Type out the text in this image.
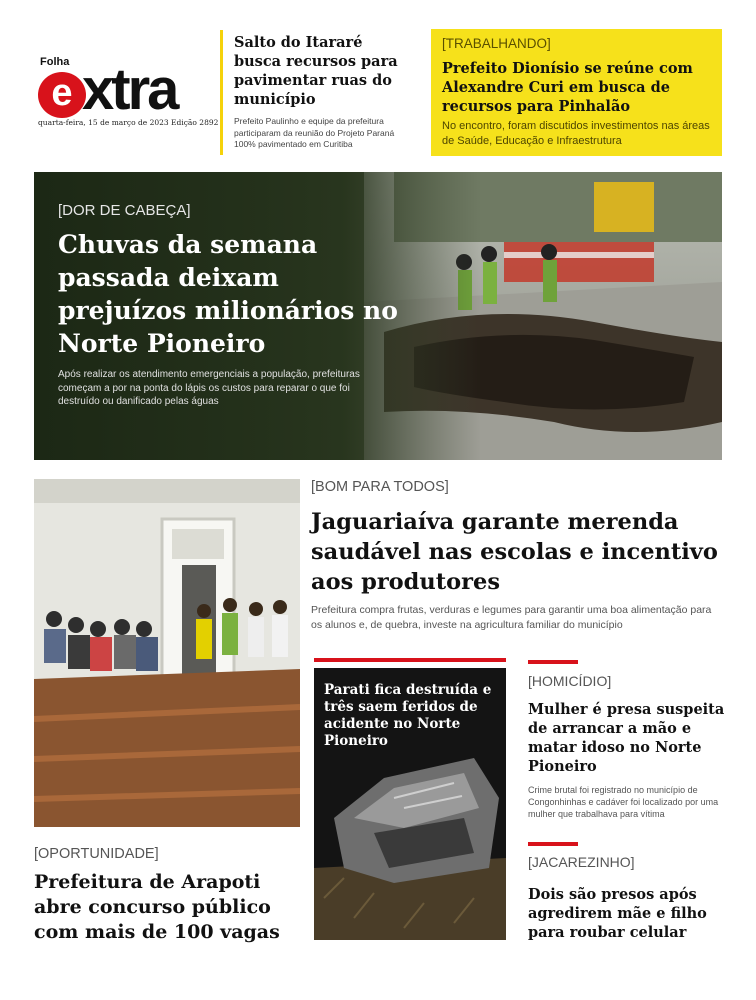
Folha
e xtra
quarta-feira, 15 de março de 2023 Edição 2892
Salto do Itararé busca recursos para pavimentar ruas do município
Prefeito Paulinho e equipe da prefeitura participaram da reunião do Projeto Paraná 100% pavimentado em Curitiba
[TRABALHANDO]
Prefeito Dionísio se reúne com Alexandre Curi em busca de recursos para Pinhalão
No encontro, foram discutidos investimentos nas áreas de Saúde, Educação e Infraestrutura
[DOR DE CABEÇA]
Chuvas da semana passada deixam prejuízos milionários no Norte Pioneiro
Após realizar os atendimento emergenciais a população, prefeituras começam a por na ponta do lápis os custos para reparar o que foi destruído ou danificado pelas águas
[BOM PARA TODOS]
Jaguariaíva garante merenda saudável nas escolas e incentivo aos produtores
Prefeitura compra frutas, verduras e legumes para garantir uma boa alimentação para os alunos e, de quebra, investe na agricultura familiar do município
Parati fica destruída e três saem feridos de acidente no Norte Pioneiro
[HOMICÍDIO]
Mulher é presa suspeita de arrancar a mão e matar idoso no Norte Pioneiro
Crime brutal foi registrado no município de Congonhinhas e cadáver foi localizado por uma mulher que trabalhava para vítima
[JACAREZINHO]
Dois são presos após agredirem mãe e filho para roubar celular
[OPORTUNIDADE]
Prefeitura de Arapoti abre concurso público com mais de 100 vagas
